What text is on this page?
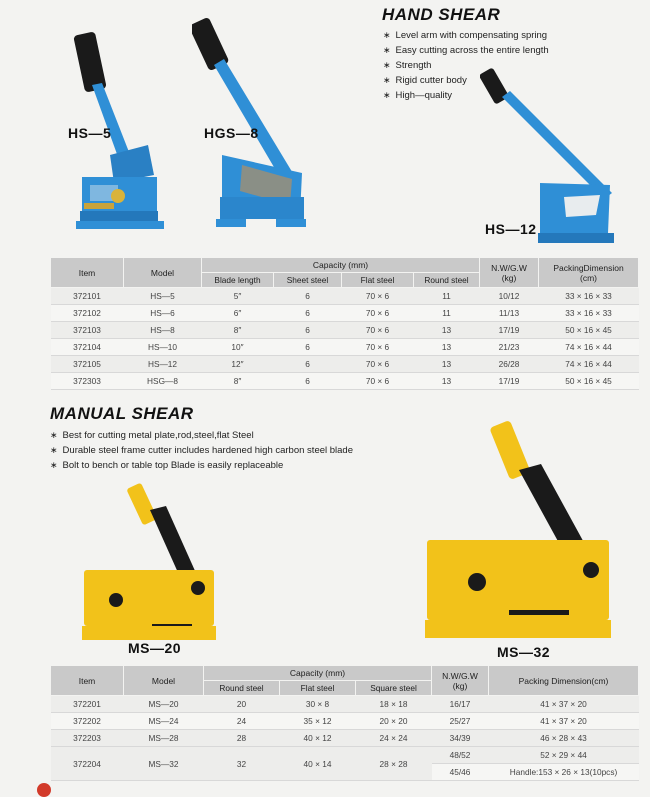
HAND SHEAR
∗ Level arm with compensating spring
∗ Easy cutting across the entire length
∗ Strength
∗ Rigid cutter body
∗ High—quality
HS—5	HGS—8
HS—12
Item	Model	Capacity (mm)				N.W/G.W
(kg)	PackingDimension
(cm)
		Blade length	Sheet steel	Flat steel	Round steel		
372101	HS—5	5″	6	70 × 6	11	10/12	33 × 16 × 33
372102	HS—6	6″	6	70 × 6	11	11/13	33 × 16 × 33
372103	HS—8	8″	6	70 × 6	13	17/19	50 × 16 × 45
372104	HS—10	10″	6	70 × 6	13	21/23	74 × 16 × 44
372105	HS—12	12″	6	70 × 6	13	26/28	74 × 16 × 44
372303	HSG—8	8″	6	70 × 6	13	17/19	50 × 16 × 45
MANUAL SHEAR
∗ Best for cutting metal plate,rod,steel,flat Steel
∗ Durable steel frame cutter includes hardened high carbon steel blade
∗ Bolt to bench or table top Blade is easily replaceable
MS—20	MS—32
Item	Model	Capacity (mm)			N.W/G.W
(kg)	Packing Dimension(cm)
		Round steel	Flat steel	Square steel		
372201	MS—20	20	30 × 8	18 × 18	16/17	41 × 37 × 20
372202	MS—24	24	35 × 12	20 × 20	25/27	41 × 37 × 20
372203	MS—28	28	40 × 12	24 × 24	34/39	46 × 28 × 43
372204	MS—32	32	40 × 14	28 × 28	48/52	52 × 29 × 44
					45/46	Handle:153 × 26 × 13(10pcs)
